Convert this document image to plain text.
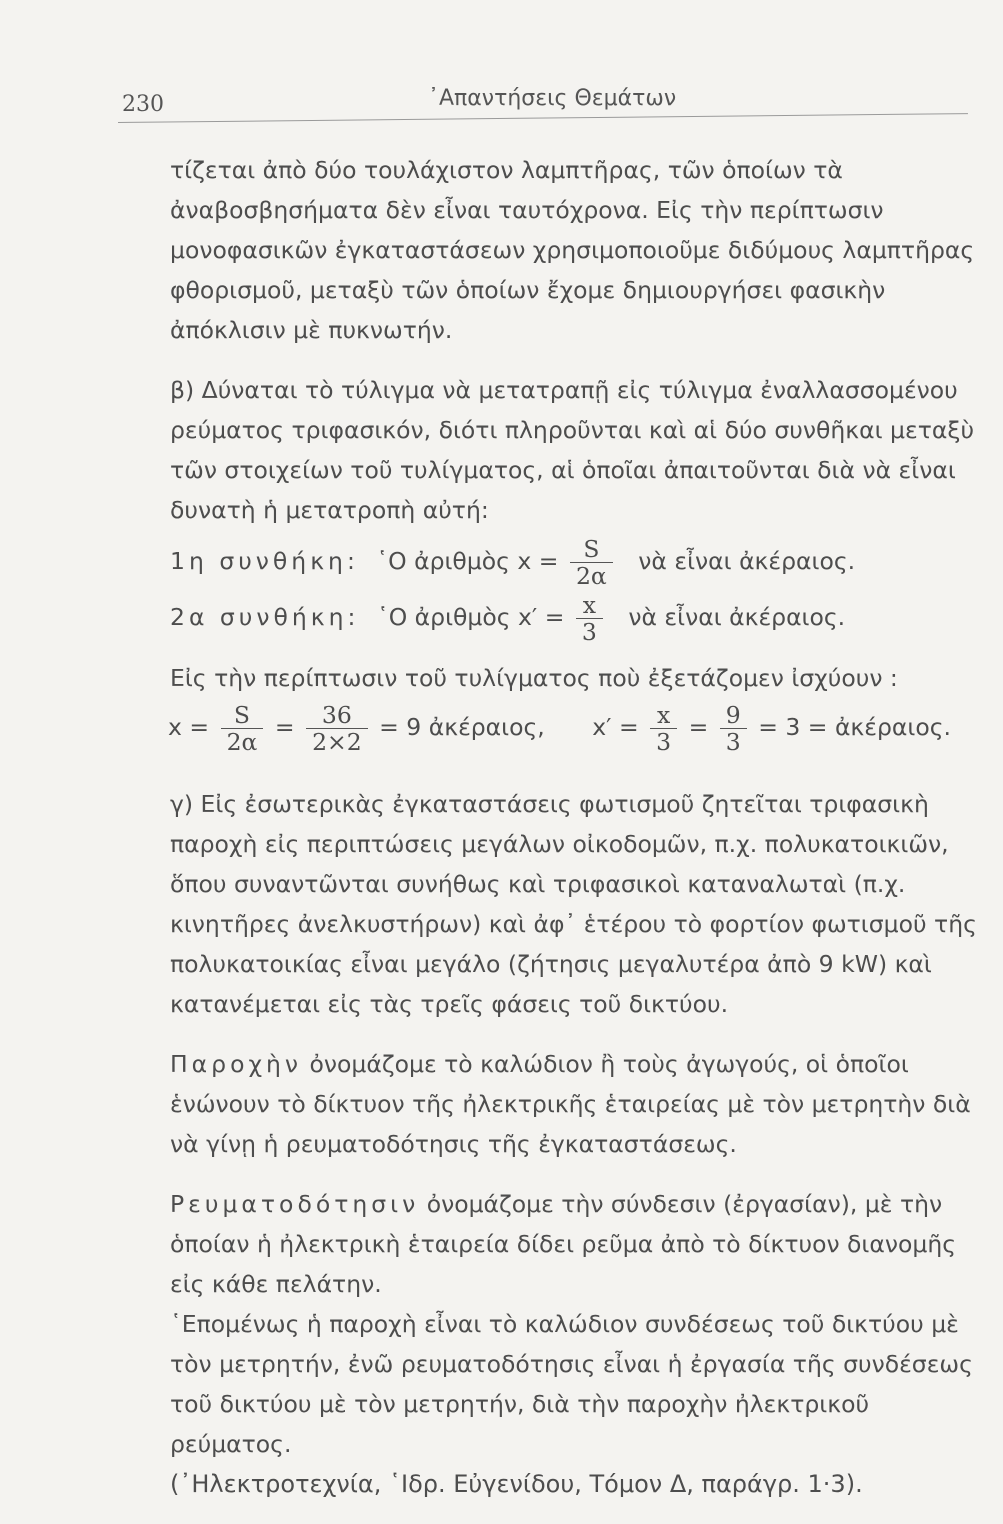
230	᾿Απαντήσεις Θεμάτων

τίζεται ἀπὸ δύο τουλάχιστον λαμπτῆρας, τῶν ὁποίων τὰ ἀναβοσβησήματα δὲν εἶναι ταυτόχρονα. Εἰς τὴν περίπτωσιν μονοφασικῶν ἐγκαταστάσεων χρησιμοποιοῦμε διδύμους λαμπτῆρας φθορισμοῦ, μεταξὺ τῶν ὁποίων ἔχομε δημιουργήσει φασικὴν ἀπόκλισιν μὲ πυκνωτήν.

β) Δύναται τὸ τύλιγμα νὰ μετατραπῇ εἰς τύλιγμα ἐναλλασσομένου ρεύματος τριφασικόν, διότι πληροῦνται καὶ αἱ δύο συνθῆκαι μεταξὺ τῶν στοιχείων τοῦ τυλίγματος, αἱ ὁποῖαι ἀπαιτοῦνται διὰ νὰ εἶναι δυνατὴ ἡ μετατροπὴ αὐτή:

1η συνθήκη: ῾Ο ἀριθμὸς $x = \frac{S}{2\alpha}$ νὰ εἶναι ἀκέραιος.
2α συνθήκη: ῾Ο ἀριθμὸς $x' = \frac{x}{3}$ νὰ εἶναι ἀκέραιος.

Εἰς τὴν περίπτωσιν τοῦ τυλίγματος ποὺ ἐξετάζομεν ἰσχύουν :

$x = \frac{S}{2\alpha} = \frac{36}{2\times 2} = 9$ ἀκέραιος, $x' = \frac{x}{3} = \frac{9}{3} = 3$ = ἀκέραιος.

γ) Εἰς ἐσωτερικὰς ἐγκαταστάσεις φωτισμοῦ ζητεῖται τριφασικὴ παροχὴ εἰς περιπτώσεις μεγάλων οἰκοδομῶν, π.χ. πολυκατοικιῶν, ὅπου συναντῶνται συνήθως καὶ τριφασικοὶ καταναλωταὶ (π.χ. κινητῆρες ἀνελκυστήρων) καὶ ἀφ᾿ ἑτέρου τὸ φορτίον φωτισμοῦ τῆς πολυκατοικίας εἶναι μεγάλο (ζήτησις μεγαλυτέρα ἀπὸ 9 kW) καὶ κατανέμεται εἰς τὰς τρεῖς φάσεις τοῦ δικτύου.

Παροχὴν ὀνομάζομε τὸ καλώδιον ἢ τοὺς ἀγωγούς, οἱ ὁποῖοι ἑνώνουν τὸ δίκτυον τῆς ἠλεκτρικῆς ἑταιρείας μὲ τὸν μετρητὴν διὰ νὰ γίνῃ ἡ ρευματοδότησις τῆς ἐγκαταστάσεως.

Ρευματοδότησιν ὀνομάζομε τὴν σύνδεσιν (ἐργασίαν), μὲ τὴν ὁποίαν ἡ ἠλεκτρικὴ ἑταιρεία δίδει ρεῦμα ἀπὸ τὸ δίκτυον διανομῆς εἰς κάθε πελάτην.

῾Επομένως ἡ παροχὴ εἶναι τὸ καλώδιον συνδέσεως τοῦ δικτύου μὲ τὸν μετρητήν, ἐνῶ ρευματοδότησις εἶναι ἡ ἐργασία τῆς συνδέσεως τοῦ δικτύου μὲ τὸν μετρητήν, διὰ τὴν παροχὴν ἠλεκτρικοῦ ρεύματος.

(᾿Ηλεκτροτεχνία, ῾Ιδρ. Εὐγενίδου, Τόμον Δ, παράγρ. 1·3).
